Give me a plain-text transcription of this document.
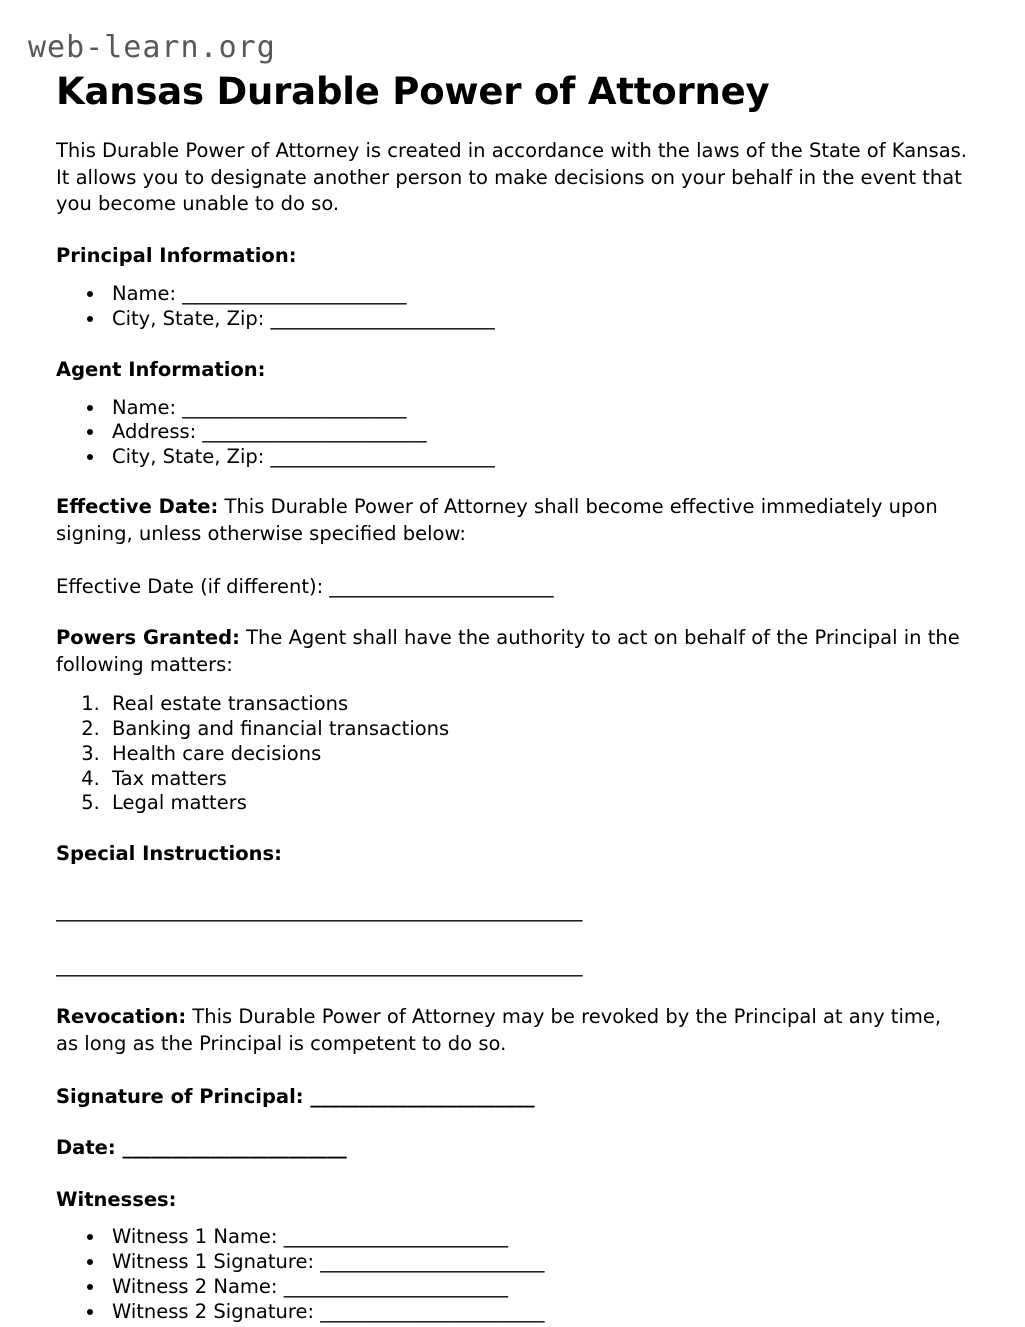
web-learn.org
Kansas Durable Power of Attorney

This Durable Power of Attorney is created in accordance with the laws of the State of Kansas. It allows you to designate another person to make decisions on your behalf in the event that you become unable to do so.

Principal Information:
• Name: _______________________
• City, State, Zip: _______________________
Agent Information:
• Name: _______________________
• Address: _______________________
• City, State, Zip: _______________________

Effective Date: This Durable Power of Attorney shall become effective immediately upon signing, unless otherwise specified below:

Effective Date (if different): _______________________

Powers Granted: The Agent shall have the authority to act on behalf of the Principal in the following matters:

1. Real estate transactions
2. Banking and financial transactions
3. Health care decisions
4. Tax matters
5. Legal matters
Special Instructions:
______________________________________________________
______________________________________________________

Revocation: This Durable Power of Attorney may be revoked by the Principal at any time, as long as the Principal is competent to do so.

Signature of Principal: _______________________
Date: _______________________
Witnesses:
• Witness 1 Name: _______________________
• Witness 1 Signature: _______________________
• Witness 2 Name: _______________________
• Witness 2 Signature: _______________________
